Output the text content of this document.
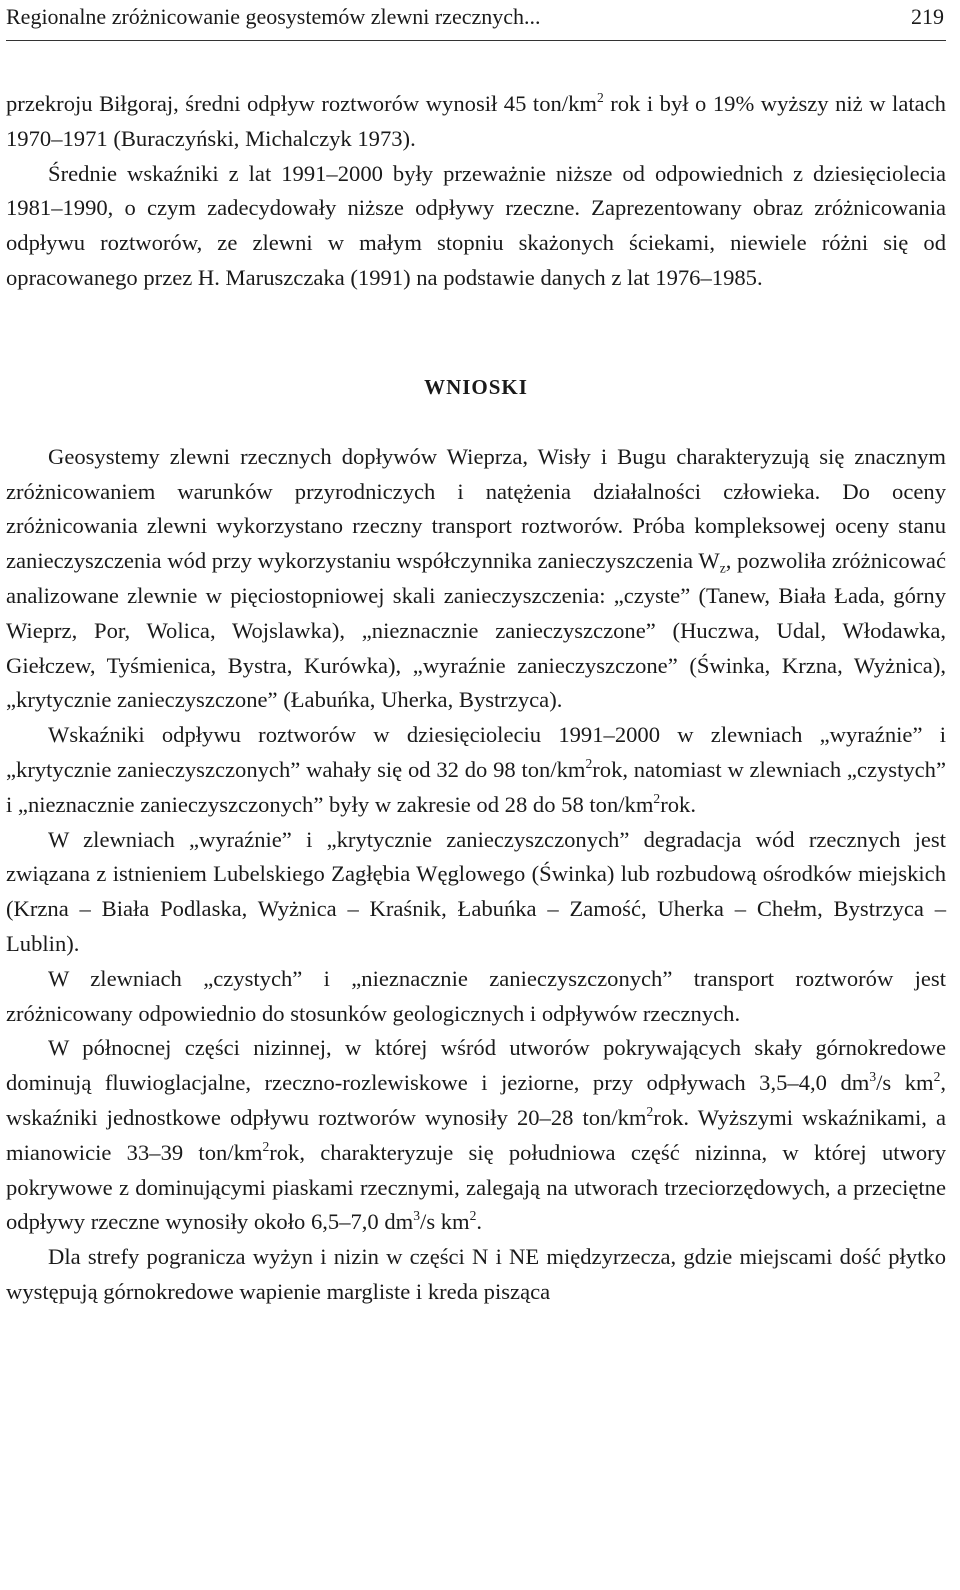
Regionalne zróżnicowanie geosystemów zlewni rzecznych...	219

przekroju Biłgoraj, średni odpływ roztworów wynosił 45 ton/$km^2$ rok i był o 19% wyższy niż w latach 1970–1971 (Buraczyński, Michalczyk 1973).

Średnie wskaźniki z lat 1991–2000 były przeważnie niższe od odpowiednich z dziesięciolecia 1981–1990, o czym zadecydowały niższe odpływy rzeczne. Zaprezentowany obraz zróżnicowania odpływu roztworów, ze zlewni w małym stopniu skażonych ściekami, niewiele różni się od opracowanego przez H. Maruszczaka (1991) na podstawie danych z lat 1976–1985.

WNIOSKI

Geosystemy zlewni rzecznych dopływów Wieprza, Wisły i Bugu charakteryzują się znacznym zróżnicowaniem warunków przyrodniczych i natężenia działalności człowieka. Do oceny zróżnicowania zlewni wykorzystano rzeczny transport roztworów. Próba kompleksowej oceny stanu zanieczyszczenia wód przy wykorzystaniu współczynnika zanieczyszczenia $W_z$, pozwoliła zróżnicować analizowane zlewnie w pięciostopniowej skali zanieczyszczenia: „czyste” (Tanew, Biała Łada, górny Wieprz, Por, Wolica, Wojslawka), „nieznacznie zanieczyszczone” (Huczwa, Udal, Włodawka, Giełczew, Tyśmienica, Bystra, Kurówka), „wyraźnie zanieczyszczone” (Świnka, Krzna, Wyżnica), „krytycznie zanieczyszczone” (Łabuńka, Uherka, Bystrzyca).

Wskaźniki odpływu roztworów w dziesięcioleciu 1991–2000 w zlewniach „wyraźnie” i „krytycznie zanieczyszczonych” wahały się od 32 do 98 ton/$km^2rok$, natomiast w zlewniach „czystych” i „nieznacznie zanieczyszczonych” były w zakresie od 28 do 58 ton/$km^2rok$.

W zlewniach „wyraźnie” i „krytycznie zanieczyszczonych” degradacja wód rzecznych jest związana z istnieniem Lubelskiego Zagłębia Węglowego (Świnka) lub rozbudową ośrodków miejskich (Krzna – Biała Podlaska, Wyżnica – Kraśnik, Łabuńka – Zamość, Uherka – Chełm, Bystrzyca – Lublin).

W zlewniach „czystych” i „nieznacznie zanieczyszczonych” transport roztworów jest zróżnicowany odpowiednio do stosunków geologicznych i odpływów rzecznych.

W północnej części nizinnej, w której wśród utworów pokrywających skały górnokredowe dominują fluwioglacjalne, rzeczno-rozlewiskowe i jeziorne, przy odpływach 3,5–4,0 $dm^3/s$ $km^2$, wskaźniki jednostkowe odpływu roztworów wynosiły 20–28 ton/$km^2rok$. Wyższymi wskaźnikami, a mianowicie 33–39 ton/$km^2rok$, charakteryzuje się południowa część nizinna, w której utwory pokrywowe z dominującymi piaskami rzecznymi, zalegają na utworach trzeciorzędowych, a przeciętne odpływy rzeczne wynosiły około 6,5–7,0 $dm^3/s$ $km^2$.

Dla strefy pogranicza wyżyn i nizin w części N i NE międzyrzecza, gdzie miejscami dość płytko występują górnokredowe wapienie margliste i kreda pisząca
